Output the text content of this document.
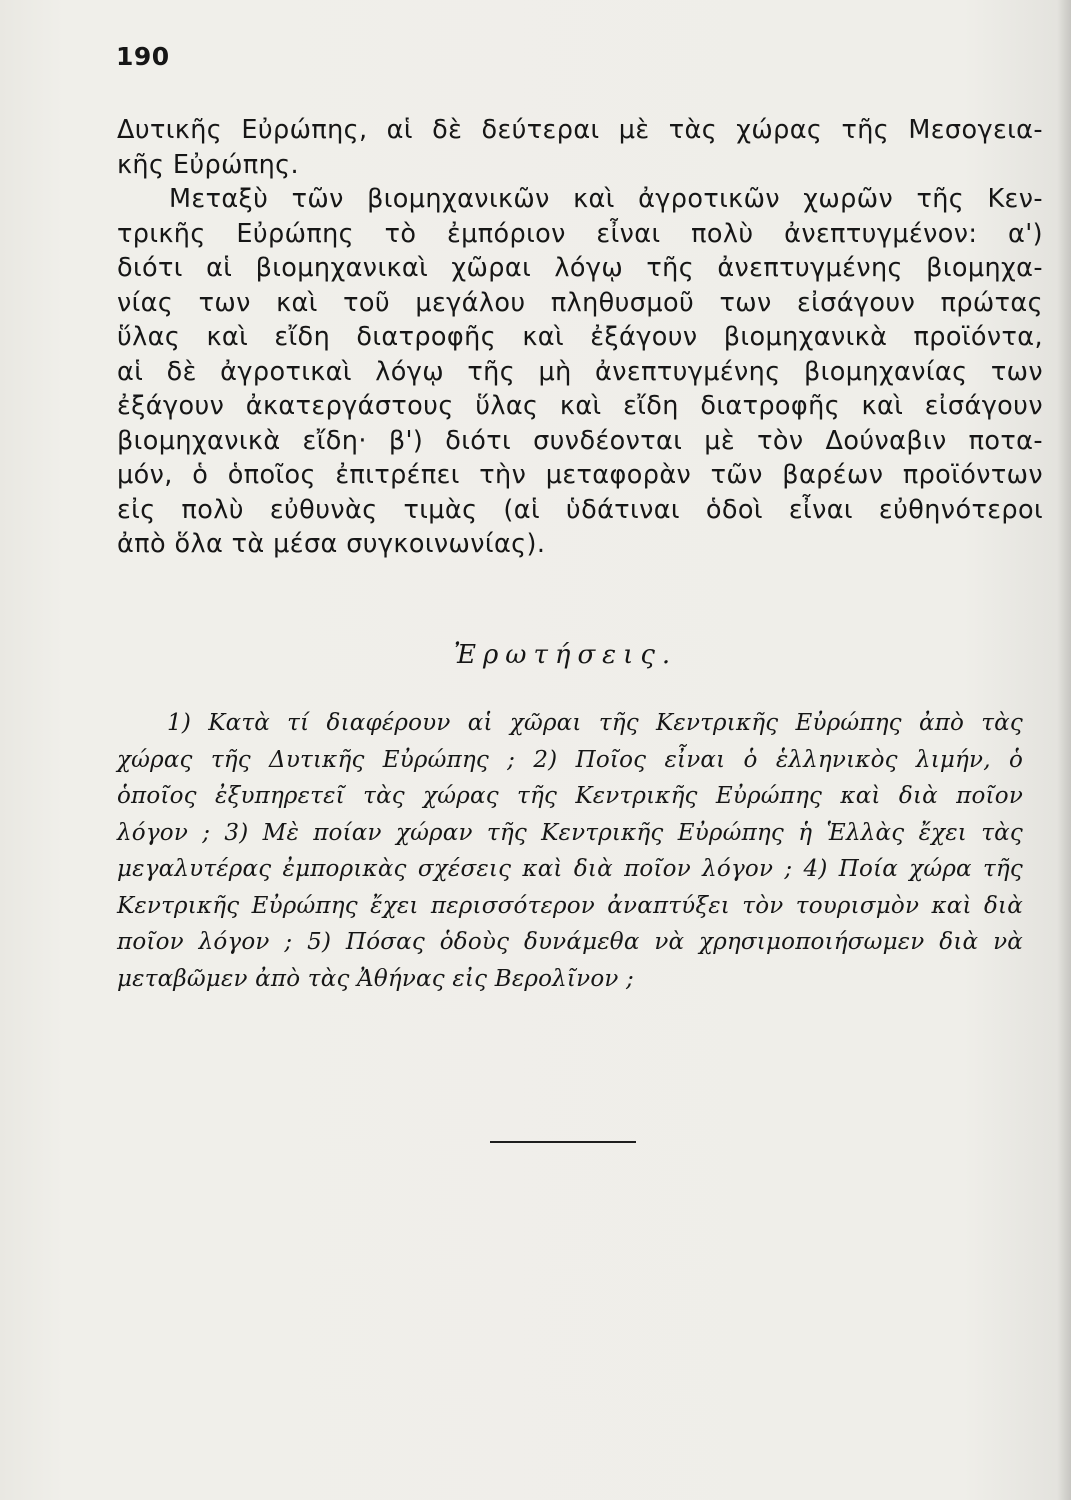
190
Δυτικῆς Εὐρώπης, αἱ δὲ δεύτεραι μὲ τὰς χώρας τῆς Μεσογεια-
κῆς Εὐρώπης.
Μεταξὺ τῶν βιομηχανικῶν καὶ ἀγροτικῶν χωρῶν τῆς Κεν-
τρικῆς Εὐρώπης τὸ ἐμπόριον εἶναι πολὺ ἀνεπτυγμένον: α')
διότι αἱ βιομηχανικαὶ χῶραι λόγῳ τῆς ἀνεπτυγμένης βιομηχα-
νίας των καὶ τοῦ μεγάλου πληθυσμοῦ των εἰσάγουν πρώτας
ὕλας καὶ εἴδη διατροφῆς καὶ ἐξάγουν βιομηχανικὰ προϊόντα,
αἱ δὲ ἀγροτικαὶ λόγῳ τῆς μὴ ἀνεπτυγμένης βιομηχανίας των
ἐξάγουν ἀκατεργάστους ὕλας καὶ εἴδη διατροφῆς καὶ εἰσάγουν
βιομηχανικὰ εἴδη· β') διότι συνδέονται μὲ τὸν Δούναβιν ποτα-
μόν, ὁ ὁποῖος ἐπιτρέπει τὴν μεταφορὰν τῶν βαρέων προϊόντων
εἰς πολὺ εὐθυνὰς τιμὰς (αἱ ὑδάτιναι ὁδοὶ εἶναι εὐθηνότεροι
ἀπὸ ὅλα τὰ μέσα συγκοινωνίας).
Ἐρωτήσεις.
1) Κατὰ τί διαφέρουν αἱ χῶραι τῆς Κεντρικῆς Εὐρώπης ἀπὸ τὰς
χώρας τῆς Δυτικῆς Εὐρώπης ; 2) Ποῖος εἶναι ὁ ἑλληνικὸς λιμήν, ὁ
ὁποῖος ἐξυπηρετεῖ τὰς χώρας τῆς Κεντρικῆς Εὐρώπης καὶ διὰ ποῖον
λόγον ; 3) Μὲ ποίαν χώραν τῆς Κεντρικῆς Εὐρώπης ἡ Ἑλλὰς ἔχει τὰς
μεγαλυτέρας ἐμπορικὰς σχέσεις καὶ διὰ ποῖον λόγον ; 4) Ποία χώρα τῆς
Κεντρικῆς Εὐρώπης ἔχει περισσότερον ἀναπτύξει τὸν τουρισμὸν καὶ διὰ
ποῖον λόγον ; 5) Πόσας ὁδοὺς δυνάμεθα νὰ χρησιμοποιήσωμεν διὰ νὰ
μεταβῶμεν ἀπὸ τὰς Ἀθήνας εἰς Βερολῖνον ;
